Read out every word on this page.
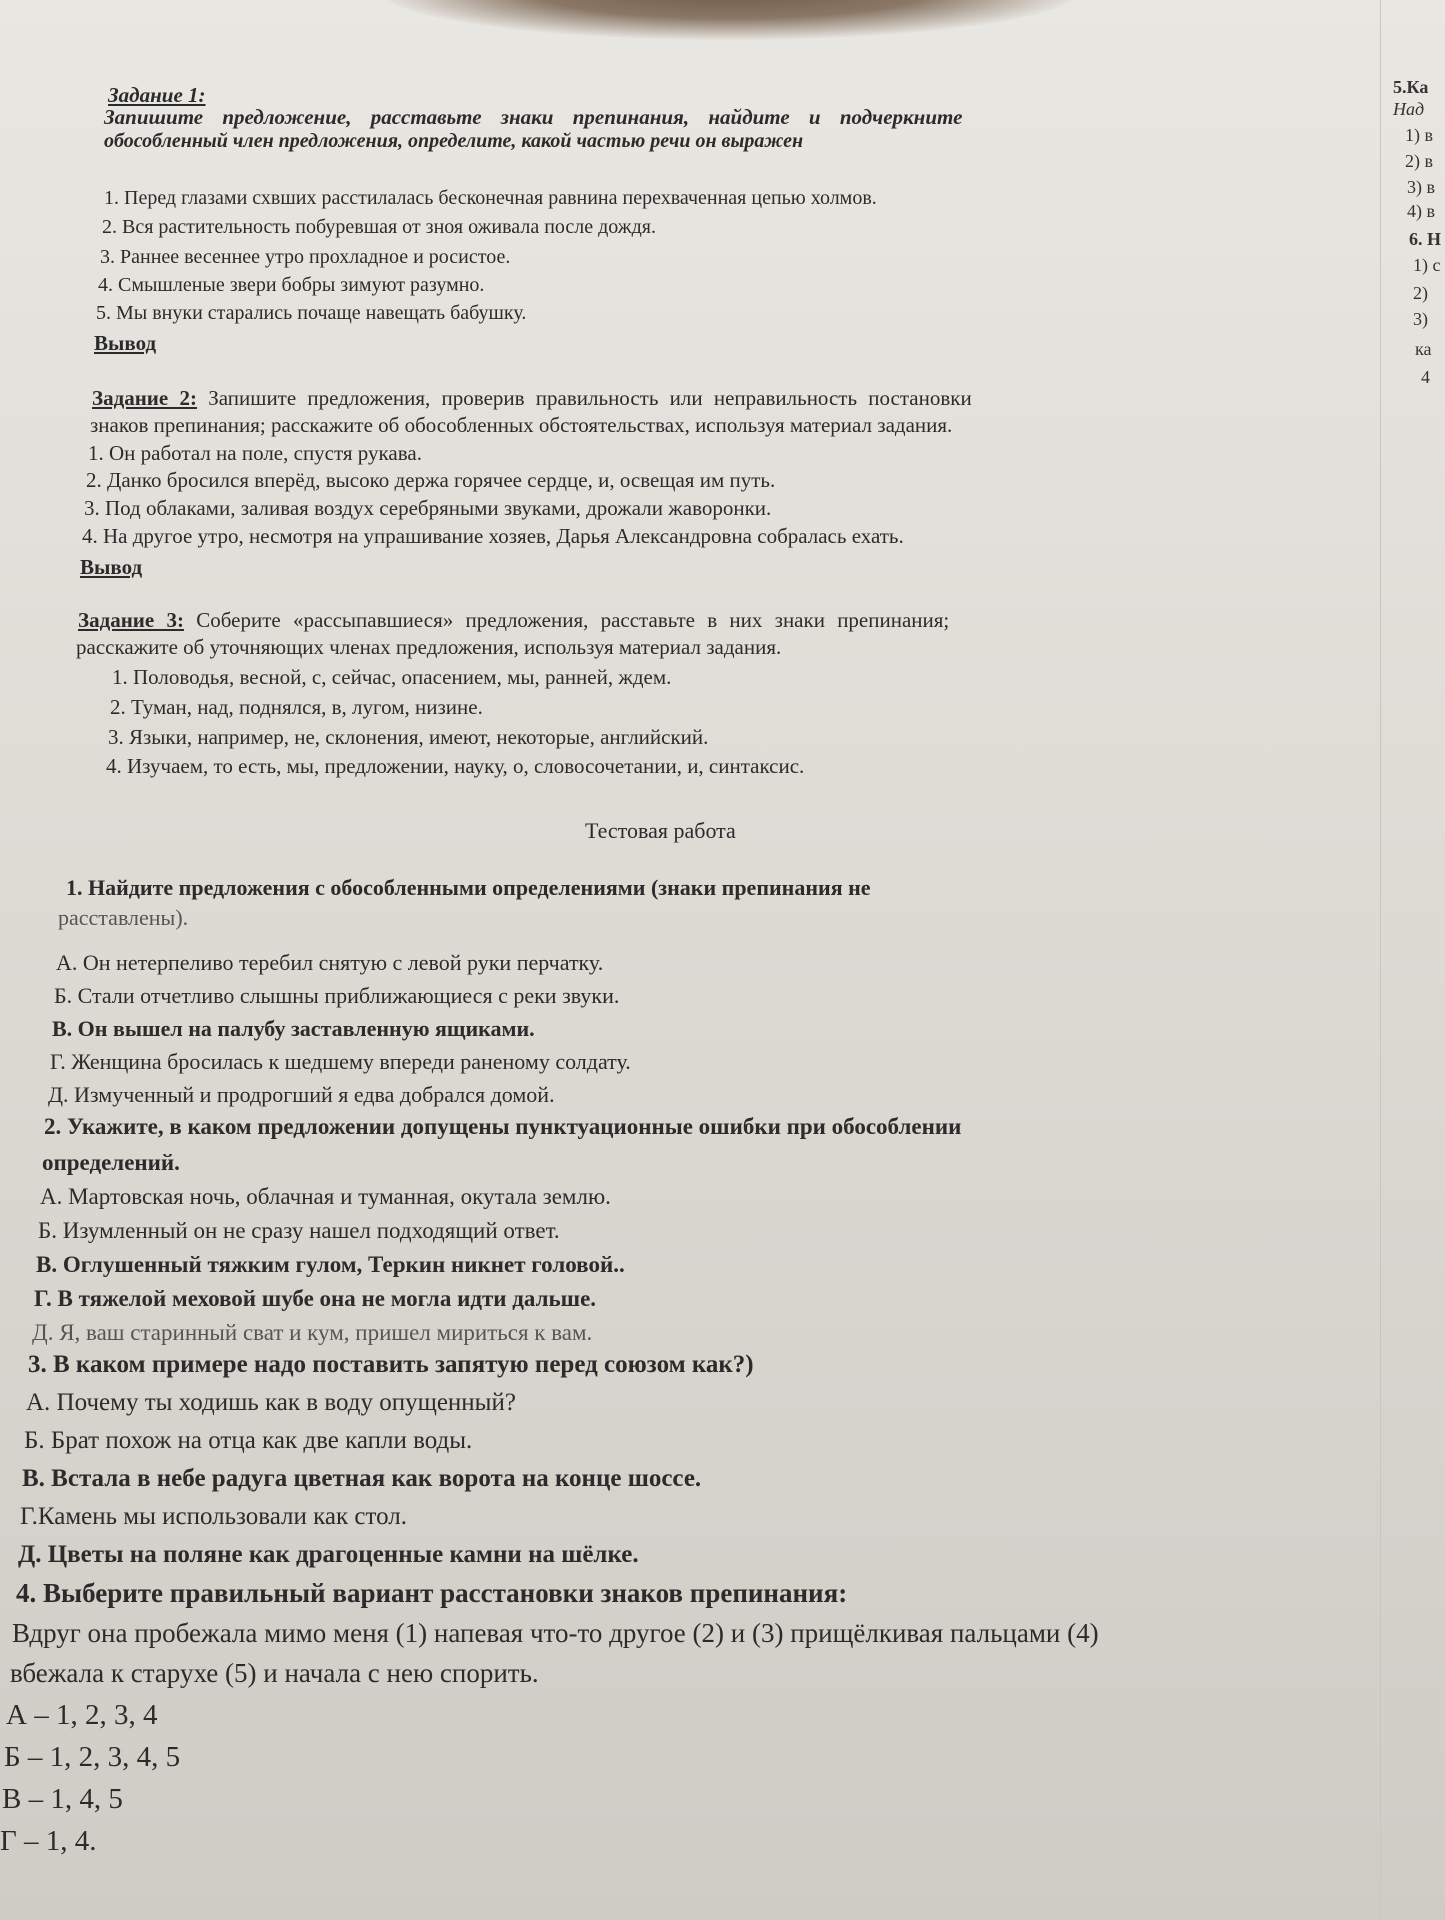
Задание 1:
Запишите предложение, расставьте знаки препинания, найдите и подчеркните
обособленный член предложения, определите, какой частью речи он выражен
1. Перед глазами схвших расстилалась бесконечная равнина перехваченная цепью холмов.
2. Вся растительность побуревшая от зноя оживала после дождя.
3. Раннее весеннее утро прохладное и росистое.
4. Смышленые звери бобры зимуют разумно.
5. Мы внуки старались почаще навещать бабушку.
Вывод
Задание 2: Запишите предложения, проверив правильность или неправильность постановки
знаков препинания; расскажите об обособленных обстоятельствах, используя материал задания.
1. Он работал на поле, спустя рукава.
2. Данко бросился вперёд, высоко держа горячее сердце, и, освещая им путь.
3. Под облаками, заливая воздух серебряными звуками, дрожали жаворонки.
4. На другое утро, несмотря на упрашивание хозяев, Дарья Александровна собралась ехать.
Вывод
Задание 3: Соберите «рассыпавшиеся» предложения, расставьте в них знаки препинания;
расскажите об уточняющих членах предложения, используя материал задания.
1. Половодья, весной, с, сейчас, опасением, мы, ранней, ждем.
2. Туман, над, поднялся, в, лугом, низине.
3. Языки, например, не, склонения, имеют, некоторые, английский.
4. Изучаем, то есть, мы, предложении, науку, о, словосочетании, и, синтаксис.
Тестовая работа
1. Найдите предложения с обособленными определениями (знаки препинания не
расставлены).
А. Он нетерпеливо теребил снятую с левой руки перчатку.
Б. Стали отчетливо слышны приближающиеся с реки звуки.
В. Он вышел на палубу заставленную ящиками.
Г. Женщина бросилась к шедшему впереди раненому солдату.
Д. Измученный и продрогший я едва добрался домой.
2. Укажите, в каком предложении допущены пунктуационные ошибки при обособлении
определений.
А. Мартовская ночь, облачная и туманная, окутала землю.
Б. Изумленный он не сразу нашел подходящий ответ.
В. Оглушенный тяжким гулом, Теркин никнет головой..
Г. В тяжелой меховой шубе она не могла идти дальше.
Д. Я, ваш старинный сват и кум, пришел мириться к вам.
3. В каком примере надо поставить запятую перед союзом как?)
А. Почему ты ходишь как в воду опущенный?
Б. Брат похож на отца как две капли воды.
В. Встала в небе радуга цветная как ворота на конце шоссе.
Г.Камень мы использовали как стол.
Д. Цветы на поляне как драгоценные камни на шёлке.
4. Выберите правильный вариант расстановки знаков препинания:
Вдруг она пробежала мимо меня (1) напевая что-то другое (2) и (3) прищёлкивая пальцами (4)
вбежала к старухе (5) и начала с нею спорить.
А – 1, 2, 3, 4
Б – 1, 2, 3, 4, 5
В – 1, 4, 5
Г – 1, 4.
5.Ка
Над
1) в
2) в
3) в
4) в
6. Н
1) с
2)
3)
ка
4
